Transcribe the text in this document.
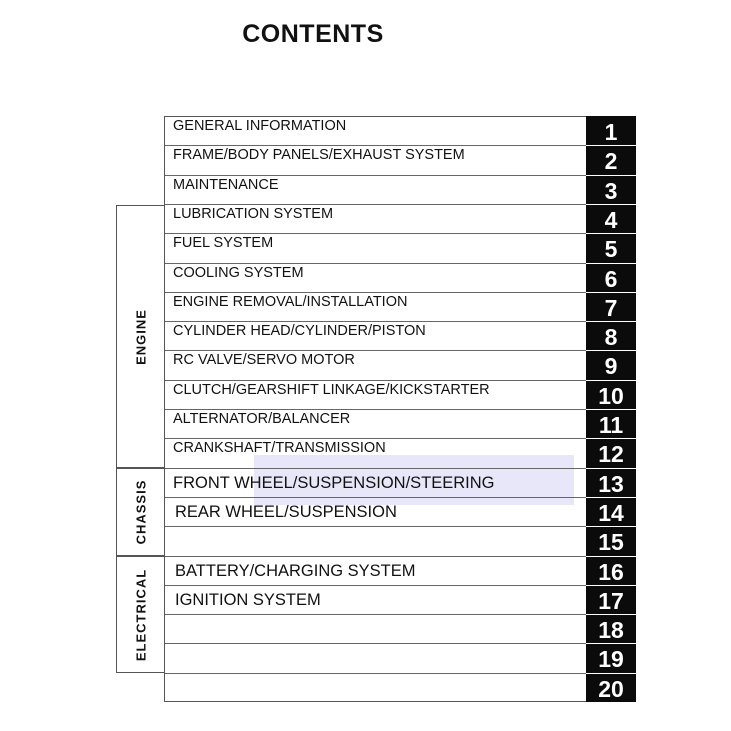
CONTENTS
GENERAL INFORMATION
FRAME/BODY PANELS/EXHAUST SYSTEM
MAINTENANCE
LUBRICATION SYSTEM
FUEL SYSTEM
COOLING SYSTEM
ENGINE REMOVAL/INSTALLATION
CYLINDER HEAD/CYLINDER/PISTON
RC VALVE/SERVO MOTOR
CLUTCH/GEARSHIFT LINKAGE/KICKSTARTER
ALTERNATOR/BALANCER
CRANKSHAFT/TRANSMISSION
FRONT WHEEL/SUSPENSION/STEERING
REAR WHEEL/SUSPENSION
BATTERY/CHARGING SYSTEM
IGNITION SYSTEM
1
2
3
4
5
6
7
8
9
10
11
12
13
14
15
16
17
18
19
20
ENGINE
CHASSIS
ELECTRICAL
